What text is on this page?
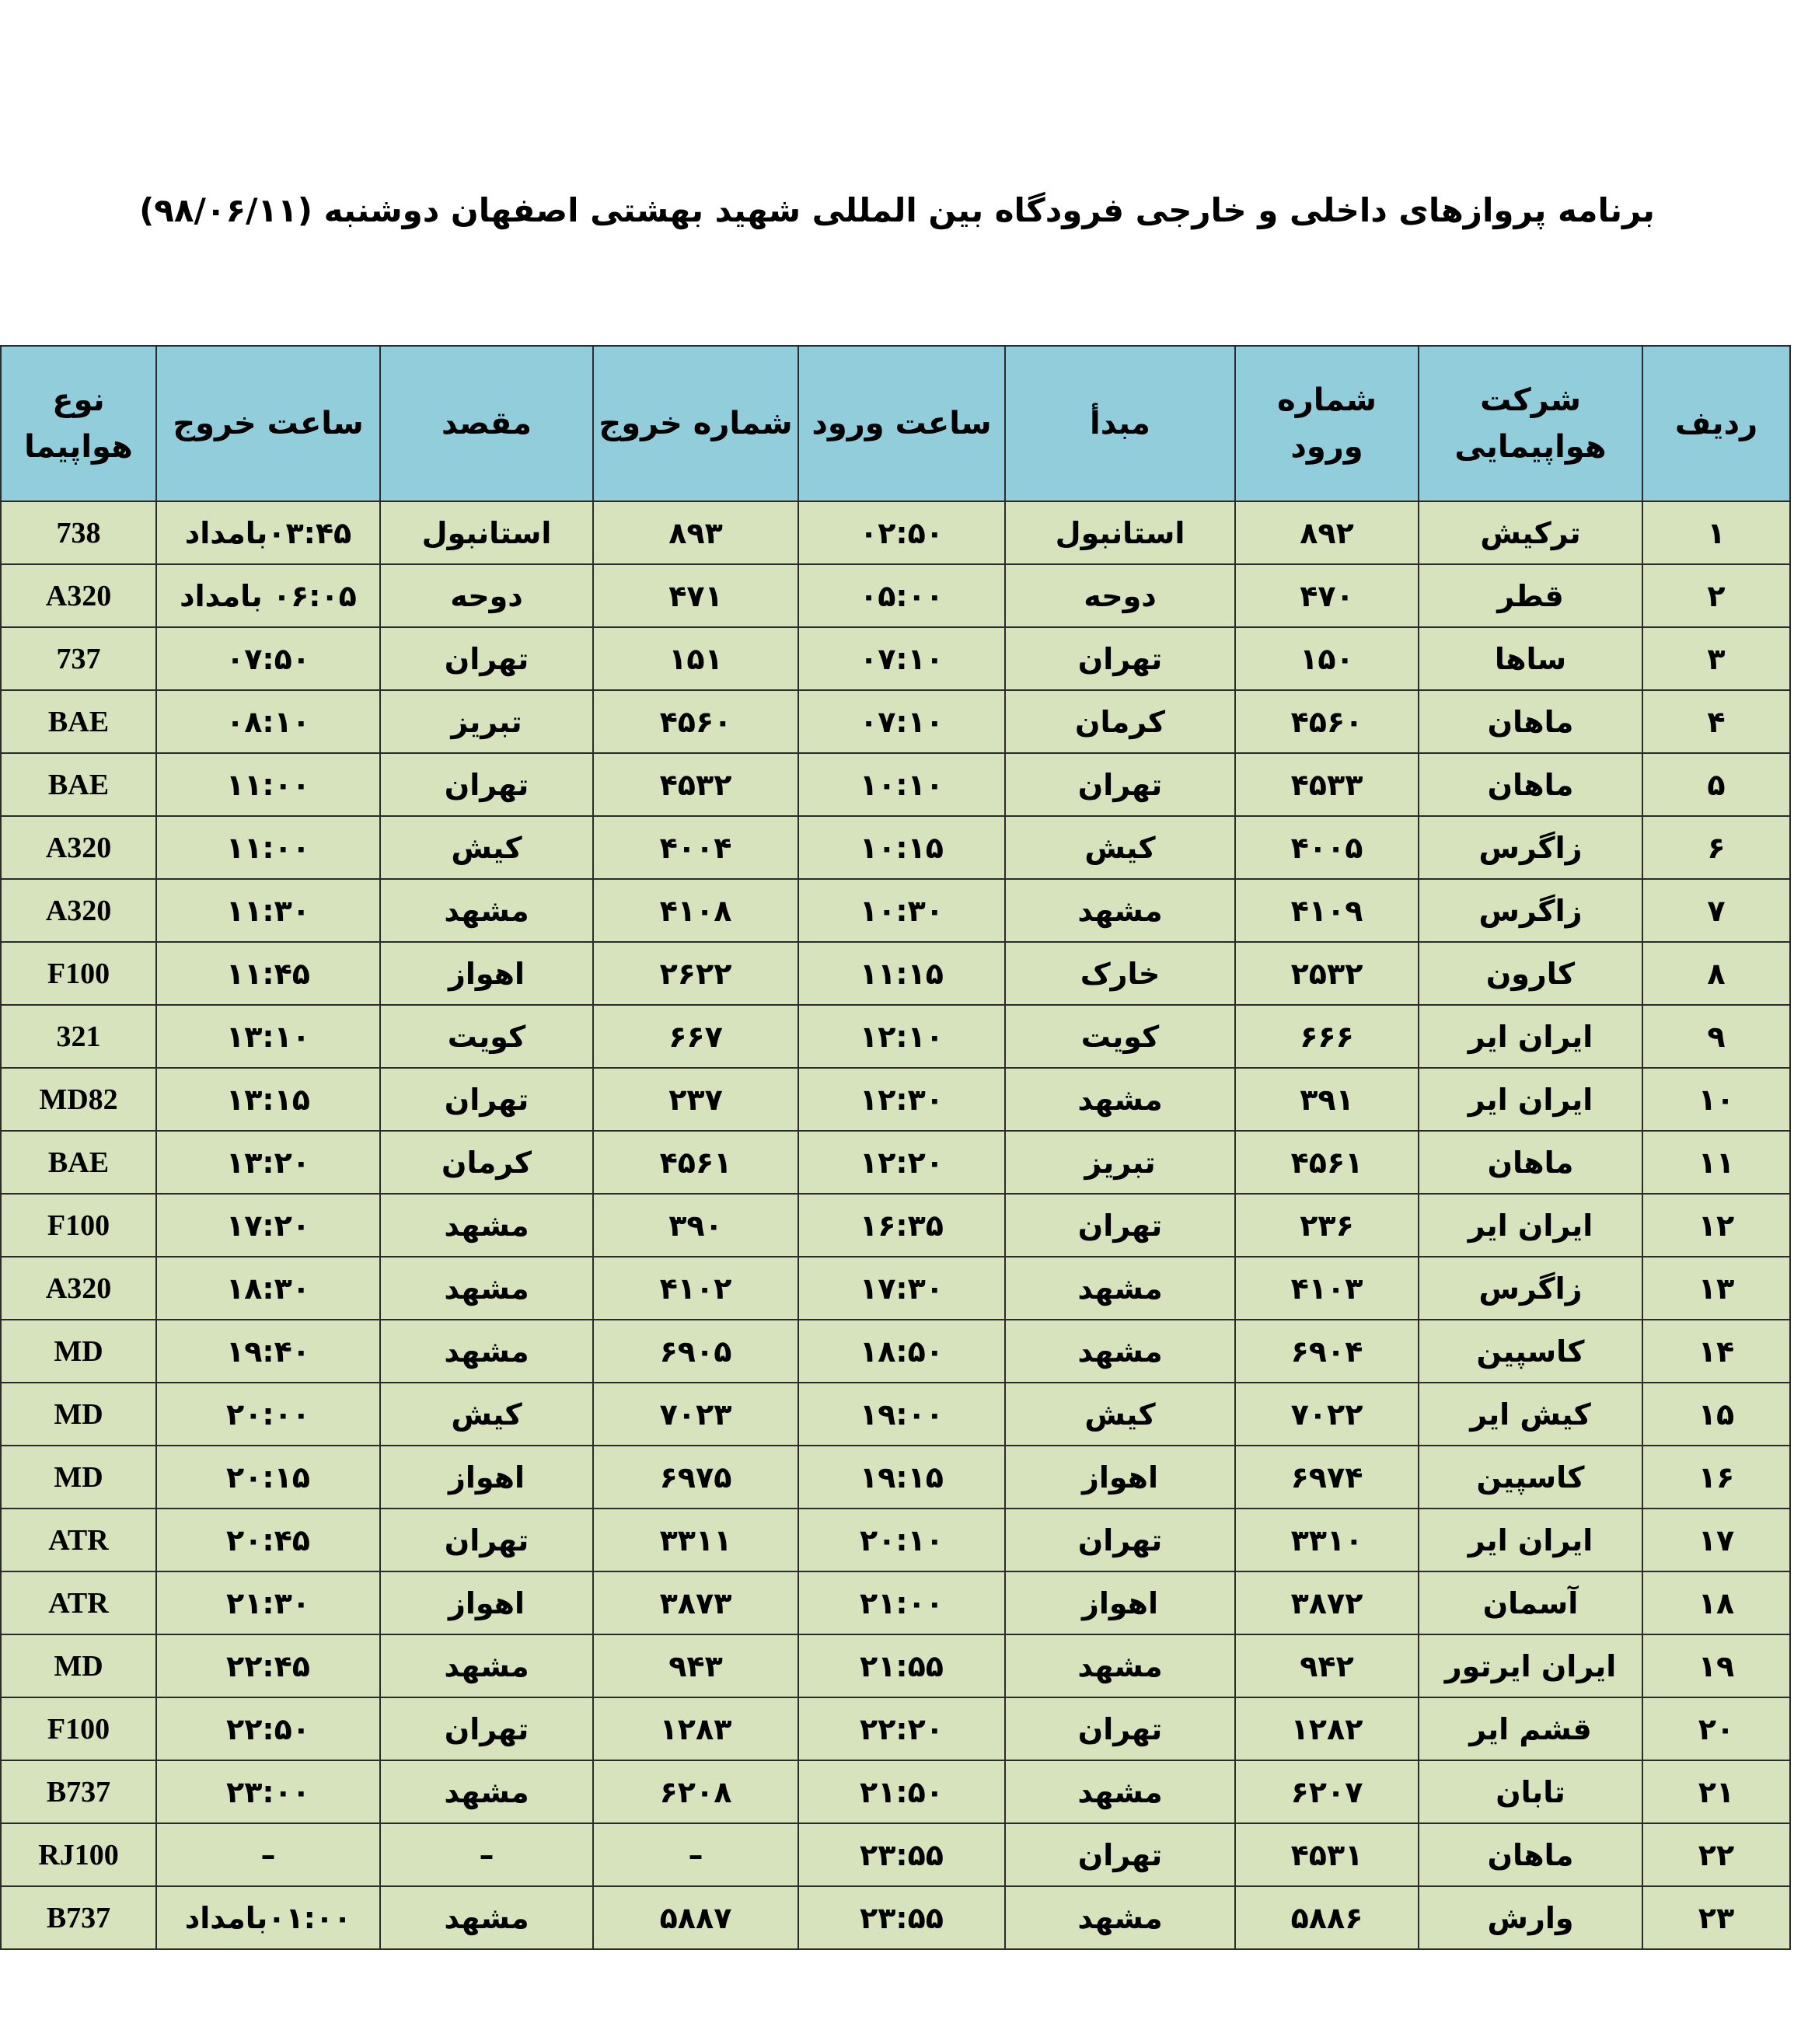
برنامه پروازهای داخلی و خارجی فرودگاه بین المللی شهید بهشتی اصفهان دوشنبه (۹۸/۰۶/۱۱)
ردیف	شرکت هواپیمایی	شماره ورود	مبدأ	ساعت ورود	شماره خروج	مقصد	ساعت خروج	نوع هواپیما
۱	ترکیش	۸۹۲	استانبول	۰۲:۵۰	۸۹۳	استانبول	۰۳:۴۵بامداد	738
۲	قطر	۴۷۰	دوحه	۰۵:۰۰	۴۷۱	دوحه	۰۶:۰۵ بامداد	A320
۳	ساها	۱۵۰	تهران	۰۷:۱۰	۱۵۱	تهران	۰۷:۵۰	737
۴	ماهان	۴۵۶۰	کرمان	۰۷:۱۰	۴۵۶۰	تبریز	۰۸:۱۰	BAE
۵	ماهان	۴۵۳۳	تهران	۱۰:۱۰	۴۵۳۲	تهران	۱۱:۰۰	BAE
۶	زاگرس	۴۰۰۵	کیش	۱۰:۱۵	۴۰۰۴	کیش	۱۱:۰۰	A320
۷	زاگرس	۴۱۰۹	مشهد	۱۰:۳۰	۴۱۰۸	مشهد	۱۱:۳۰	A320
۸	کارون	۲۵۳۲	خارک	۱۱:۱۵	۲۶۲۲	اهواز	۱۱:۴۵	F100
۹	ایران ایر	۶۶۶	کویت	۱۲:۱۰	۶۶۷	کویت	۱۳:۱۰	321
۱۰	ایران ایر	۳۹۱	مشهد	۱۲:۳۰	۲۳۷	تهران	۱۳:۱۵	MD82
۱۱	ماهان	۴۵۶۱	تبریز	۱۲:۲۰	۴۵۶۱	کرمان	۱۳:۲۰	BAE
۱۲	ایران ایر	۲۳۶	تهران	۱۶:۳۵	۳۹۰	مشهد	۱۷:۲۰	F100
۱۳	زاگرس	۴۱۰۳	مشهد	۱۷:۳۰	۴۱۰۲	مشهد	۱۸:۳۰	A320
۱۴	کاسپین	۶۹۰۴	مشهد	۱۸:۵۰	۶۹۰۵	مشهد	۱۹:۴۰	MD
۱۵	کیش ایر	۷۰۲۲	کیش	۱۹:۰۰	۷۰۲۳	کیش	۲۰:۰۰	MD
۱۶	کاسپین	۶۹۷۴	اهواز	۱۹:۱۵	۶۹۷۵	اهواز	۲۰:۱۵	MD
۱۷	ایران ایر	۳۳۱۰	تهران	۲۰:۱۰	۳۳۱۱	تهران	۲۰:۴۵	ATR
۱۸	آسمان	۳۸۷۲	اهواز	۲۱:۰۰	۳۸۷۳	اهواز	۲۱:۳۰	ATR
۱۹	ایران ایرتور	۹۴۲	مشهد	۲۱:۵۵	۹۴۳	مشهد	۲۲:۴۵	MD
۲۰	قشم ایر	۱۲۸۲	تهران	۲۲:۲۰	۱۲۸۳	تهران	۲۲:۵۰	F100
۲۱	تابان	۶۲۰۷	مشهد	۲۱:۵۰	۶۲۰۸	مشهد	۲۳:۰۰	B737
۲۲	ماهان	۴۵۳۱	تهران	۲۳:۵۵	–	–	–	RJ100
۲۳	وارش	۵۸۸۶	مشهد	۲۳:۵۵	۵۸۸۷	مشهد	۰۱:۰۰بامداد	B737
